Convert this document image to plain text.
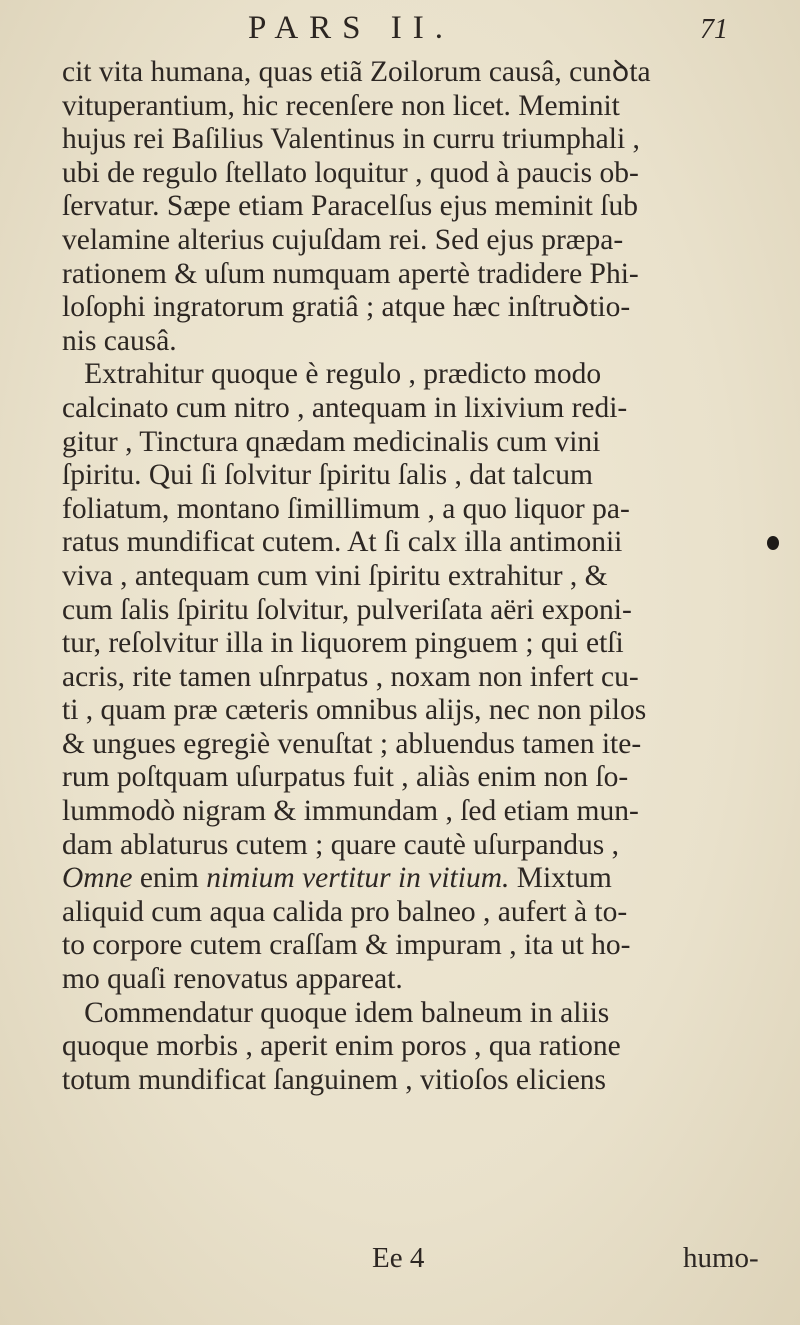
PARS II.	71
cit vita humana, quas etiã Zoilorum causâ, cunꝺta
vituperantium, hic recenſere non licet. Meminit
hujus rei Baſilius Valentinus in curru triumphali ,
ubi de regulo ſtellato loquitur , quod à paucis ob-
ſervatur. Sæpe etiam Paracelſus ejus meminit ſub
velamine alterius cujuſdam rei. Sed ejus præpa-
rationem & uſum numquam apertè tradidere Phi-
loſophi ingratorum gratiâ ; atque hæc inſtruꝺtio-
nis causâ.
Extrahitur quoque è regulo , prædicto modo
calcinato cum nitro , antequam in lixivium redi-
gitur , Tinctura qnædam medicinalis cum vini
ſpiritu. Qui ſi ſolvitur ſpiritu ſalis , dat talcum
foliatum, montano ſimillimum , a quo liquor pa-
ratus mundificat cutem. At ſi calx illa antimonii
viva , antequam cum vini ſpiritu extrahitur , &
cum ſalis ſpiritu ſolvitur, pulveriſata aëri exponi-
tur, reſolvitur illa in liquorem pinguem ; qui etſi
acris, rite tamen uſnrpatus , noxam non infert cu-
ti , quam præ cæteris omnibus alijs, nec non pilos
& ungues egregiè venuſtat ; abluendus tamen ite-
rum poſtquam uſurpatus fuit , aliàs enim non ſo-
lummodò nigram & immundam , ſed etiam mun-
dam ablaturus cutem ; quare cautè uſurpandus ,
Omne enim nimium vertitur in vitium. Mixtum
aliquid cum aqua calida pro balneo , aufert à to-
to corpore cutem craſſam & impuram , ita ut ho-
mo quaſi renovatus appareat.
Commendatur quoque idem balneum in aliis
quoque morbis , aperit enim poros , qua ratione
totum mundificat ſanguinem , vitioſos eliciens
Ee 4	humo-
